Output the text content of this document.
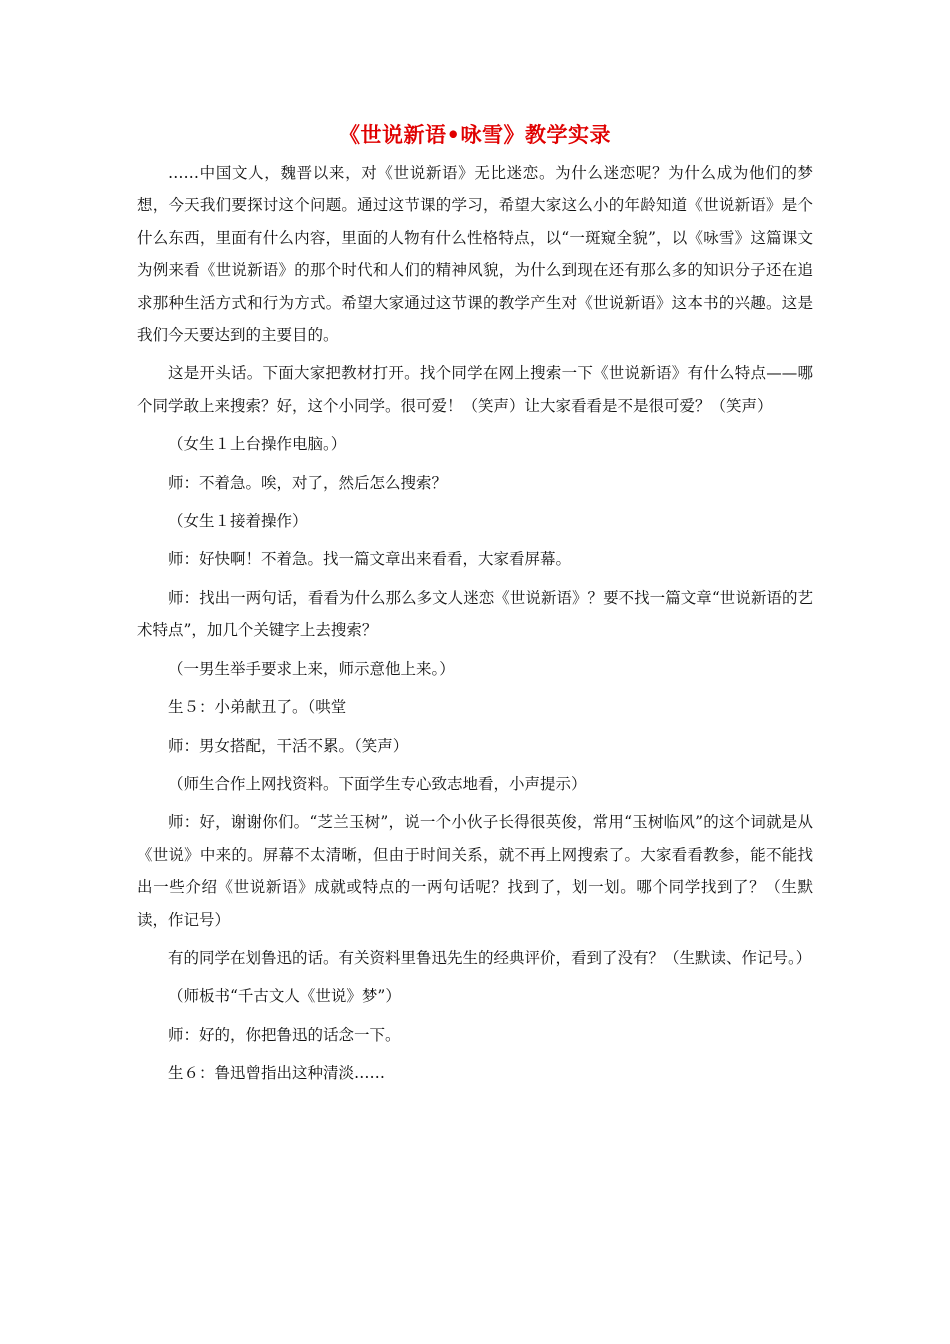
《世说新语•咏雪》教学实录

……中国文人，魏晋以来，对《世说新语》无比迷恋。为什么迷恋呢？为什么成为他们的梦想，今天我们要探讨这个问题。通过这节课的学习，希望大家这么小的年龄知道《世说新语》是个什么东西，里面有什么内容，里面的人物有什么性格特点，以“一斑窥全貌”，以《咏雪》这篇课文为例来看《世说新语》的那个时代和人们的精神风貌，为什么到现在还有那么多的知识分子还在追求那种生活方式和行为方式。希望大家通过这节课的教学产生对《世说新语》这本书的兴趣。这是我们今天要达到的主要目的。

这是开头话。下面大家把教材打开。找个同学在网上搜索一下《世说新语》有什么特点——哪个同学敢上来搜索？好，这个小同学。很可爱！（笑声）让大家看看是不是很可爱？（笑声）

（女生１上台操作电脑。）

师：不着急。唉，对了，然后怎么搜索？

（女生１接着操作）

师：好快啊！不着急。找一篇文章出来看看，大家看屏幕。

师：找出一两句话，看看为什么那么多文人迷恋《世说新语》？要不找一篇文章“世说新语的艺术特点”，加几个关键字上去搜索？

（一男生举手要求上来，师示意他上来。）

生５：小弟献丑了。（哄堂

师：男女搭配，干活不累。（笑声）

（师生合作上网找资料。下面学生专心致志地看，小声提示）

师：好，谢谢你们。“芝兰玉树”，说一个小伙子长得很英俊，常用“玉树临风”的这个词就是从《世说》中来的。屏幕不太清晰，但由于时间关系，就不再上网搜索了。大家看看教参，能不能找出一些介绍《世说新语》成就或特点的一两句话呢？找到了，划一划。哪个同学找到了？（生默读，作记号）

有的同学在划鲁迅的话。有关资料里鲁迅先生的经典评价，看到了没有？（生默读、作记号。）

（师板书“千古文人《世说》梦”）

师：好的，你把鲁迅的话念一下。

生６：鲁迅曾指出这种清淡……
